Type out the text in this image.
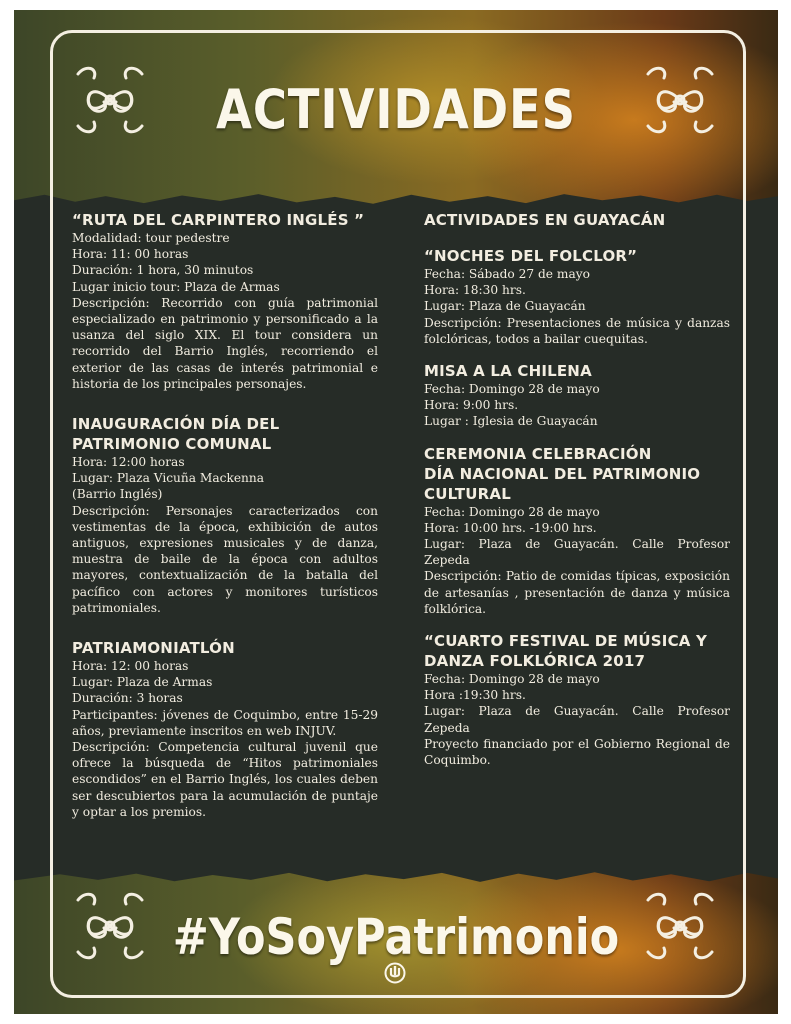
ACTIVIDADES
“RUTA DEL CARPINTERO INGLÉS ”
Modalidad: tour pedestre
Hora: 11: 00 horas
Duración: 1 hora, 30 minutos
Lugar inicio tour: Plaza de Armas
Descripción: Recorrido con guía patrimonial especializado en patrimonio y personificado a la usanza del siglo XIX. El tour considera un recorrido del Barrio Inglés, recorriendo el exterior de las casas de interés patrimonial e historia de los principales personajes.
INAUGURACIÓN DÍA DEL
PATRIMONIO COMUNAL
Hora: 12:00 horas
Lugar: Plaza Vicuña Mackenna
(Barrio Inglés)
Descripción: Personajes caracterizados con vestimentas de la época, exhibición de autos antiguos, expresiones musicales y de danza, muestra de baile de la época con adultos mayores, contextualización de la batalla del pacífico con actores y monitores turísticos patrimoniales.
PATRIAMONIATLÓN
Hora: 12: 00 horas
Lugar: Plaza de Armas
Duración: 3 horas
Participantes: jóvenes de Coquimbo, entre 15-29 años, previamente inscritos en web INJUV.
Descripción: Competencia cultural juvenil que ofrece la búsqueda de “Hitos patrimoniales escondidos” en el Barrio Inglés, los cuales deben ser descubiertos para la acumulación de puntaje y optar a los premios.
ACTIVIDADES EN GUAYACÁN
“NOCHES DEL FOLCLOR”
Fecha: Sábado 27 de mayo
Hora: 18:30 hrs.
Lugar: Plaza de Guayacán
Descripción: Presentaciones de música y danzas folclóricas, todos a bailar cuequitas.
MISA A LA CHILENA
Fecha: Domingo 28 de mayo
Hora: 9:00 hrs.
Lugar : Iglesia de Guayacán
CEREMONIA CELEBRACIÓN
DÍA NACIONAL DEL PATRIMONIO
CULTURAL
Fecha: Domingo 28 de mayo
Hora: 10:00 hrs. -19:00 hrs.
Lugar: Plaza de Guayacán. Calle Profesor Zepeda
Descripción: Patio de comidas típicas, exposición de artesanías , presentación de danza y música folklórica.
“CUARTO FESTIVAL DE MÚSICA Y
DANZA FOLKLÓRICA 2017
Fecha: Domingo 28 de mayo
Hora :19:30 hrs.
Lugar: Plaza de Guayacán. Calle Profesor Zepeda
Proyecto financiado por el Gobierno Regional de Coquimbo.
#YoSoyPatrimonio
